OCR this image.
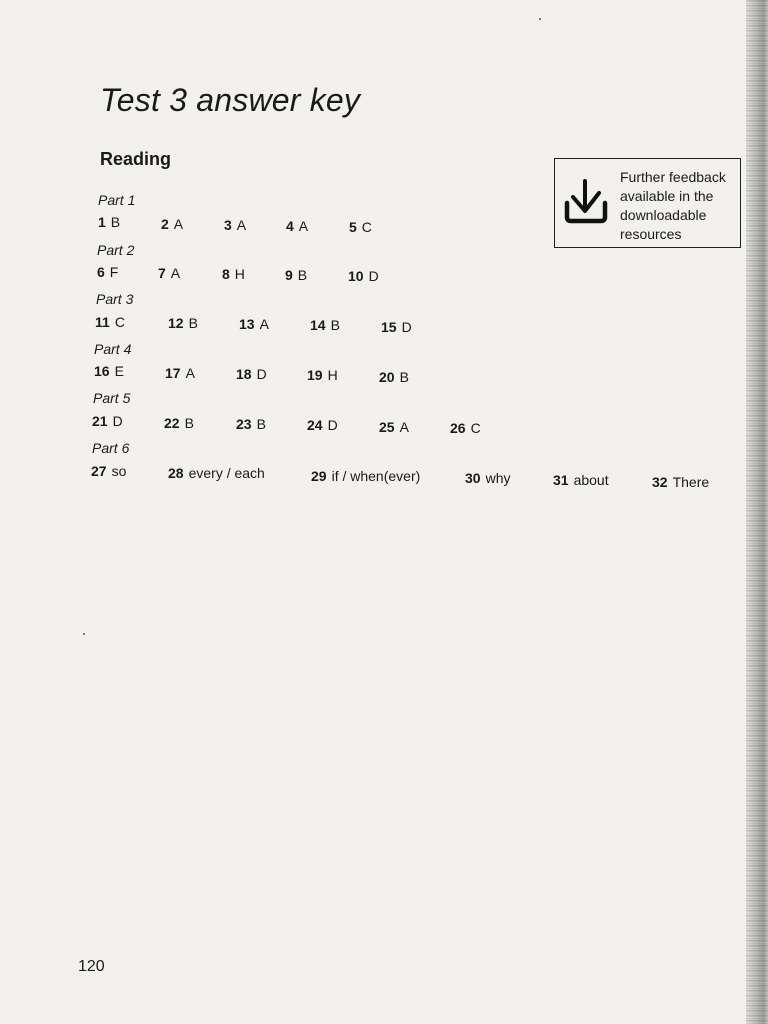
Test 3 answer key
Reading
Further feedback
available in the
downloadable
resources
Part 1
1 B	2 A	3 A	4 A	5 C
Part 2
6 F	7 A	8 H	9 B	10 D
Part 3
11 C	12 B	13 A	14 B	15 D
Part 4
16 E	17 A	18 D	19 H	20 B
Part 5
21 D	22 B	23 B	24 D	25 A	26 C
Part 6
27 so	28 every / each	29 if / when(ever)	30 why	31 about	32 There
120
